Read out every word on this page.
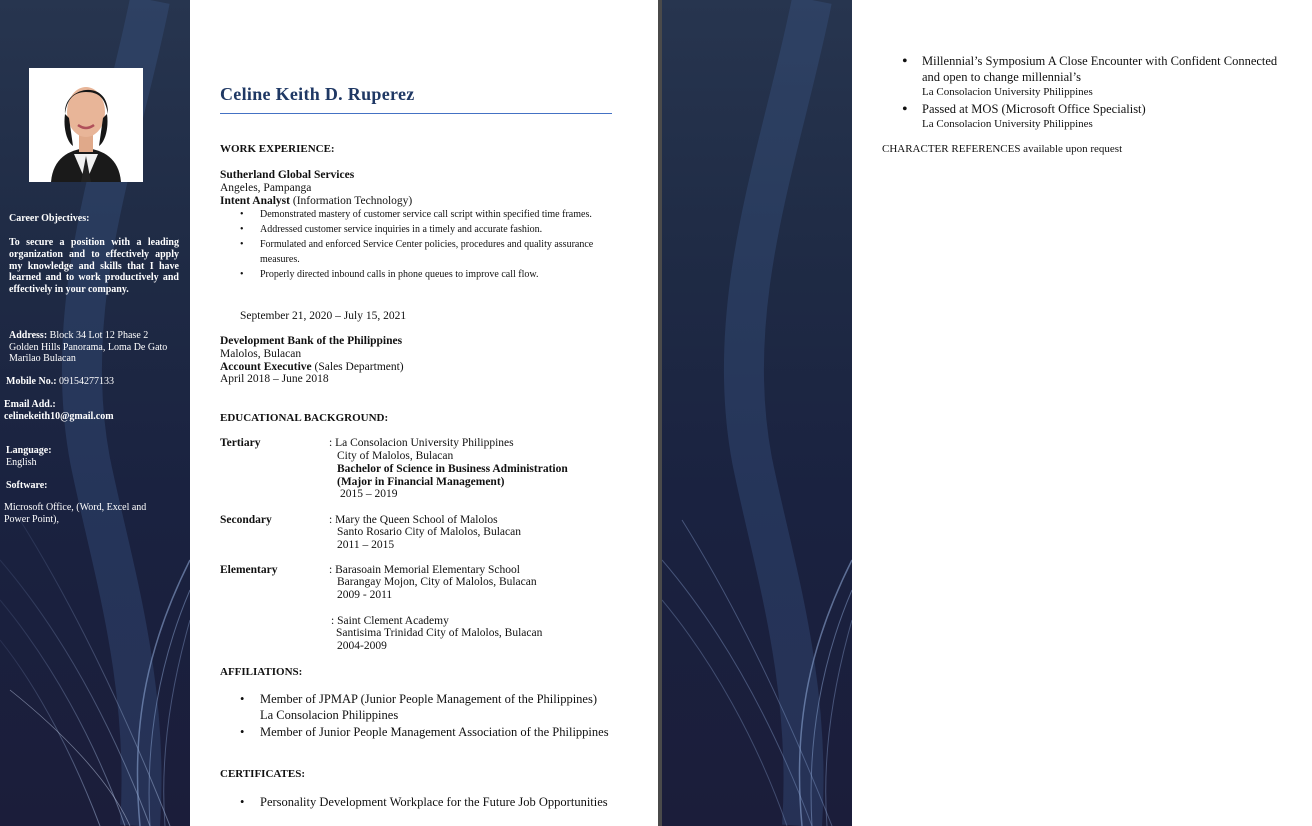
Career Objectives:
To secure a position with a leading organization and to effectively apply my knowledge and skills that I have learned and to work productively and effectively in your company.
Address: Block 34 Lot 12 Phase 2 Golden Hills Panorama, Loma De Gato Marilao Bulacan
Mobile No.: 09154277133
Email Add.:
celinekeith10@gmail.com
Language:
English
Software:
Microsoft Office, (Word, Excel and Power Point),
Celine Keith D. Ruperez
WORK EXPERIENCE:
Sutherland Global Services
Angeles, Pampanga
Intent Analyst (Information Technology)
• Demonstrated mastery of customer service call script within specified time frames.
• Addressed customer service inquiries in a timely and accurate fashion.
• Formulated and enforced Service Center policies, procedures and quality assurance measures.
• Properly directed inbound calls in phone queues to improve call flow.
September 21, 2020 – July 15, 2021
Development Bank of the Philippines
Malolos, Bulacan
Account Executive (Sales Department)
April 2018 – June 2018
EDUCATIONAL BACKGROUND:
Tertiary	: La Consolacion University Philippines
City of Malolos, Bulacan
Bachelor of Science in Business Administration
(Major in Financial Management)
2015 – 2019
Secondary	: Mary the Queen School of Malolos
Santo Rosario City of Malolos, Bulacan
2011 – 2015
Elementary	: Barasoain Memorial Elementary School
Barangay Mojon, City of Malolos, Bulacan
2009 - 2011
: Saint Clement Academy
Santisima Trinidad City of Malolos, Bulacan
2004-2009
AFFILIATIONS:
• Member of JPMAP (Junior People Management of the Philippines) La Consolacion Philippines
• Member of Junior People Management Association of the Philippines
CERTIFICATES:
• Personality Development Workplace for the Future Job Opportunities
• Millennial’s Symposium A Close Encounter with Confident Connected and open to change millennial’s
La Consolacion University Philippines
• Passed at MOS (Microsoft Office Specialist)
La Consolacion University Philippines
CHARACTER REFERENCES available upon request
